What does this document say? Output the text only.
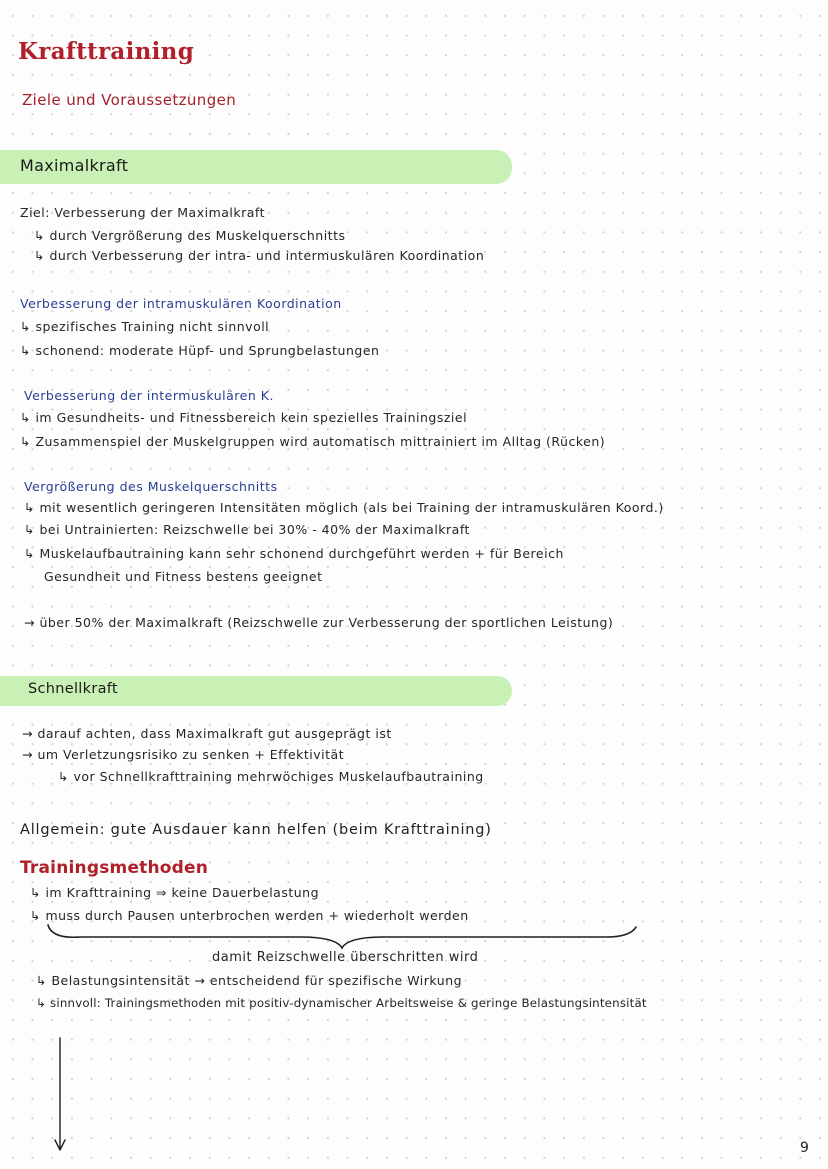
Krafttraining
Ziele und Voraussetzungen
Maximalkraft
Ziel: Verbesserung der Maximalkraft
↳ durch Vergrößerung des Muskelquerschnitts
↳ durch Verbesserung der intra- und intermuskulären Koordination
Verbesserung der intramuskulären Koordination
↳ spezifisches Training nicht sinnvoll
↳ schonend: moderate Hüpf- und Sprungbelastungen
Verbesserung der intermuskulären K.
↳ im Gesundheits- und Fitnessbereich kein spezielles Trainingsziel
↳ Zusammenspiel der Muskelgruppen wird automatisch mittrainiert im Alltag (Rücken)
Vergrößerung des Muskelquerschnitts
↳ mit wesentlich geringeren Intensitäten möglich (als bei Training der intramuskulären Koord.)
↳ bei Untrainierten: Reizschwelle bei 30% - 40% der Maximalkraft
↳ Muskelaufbautraining kann sehr schonend durchgeführt werden + für Bereich
Gesundheit und Fitness bestens geeignet
→ über 50% der Maximalkraft (Reizschwelle zur Verbesserung der sportlichen Leistung)
Schnellkraft
→ darauf achten, dass Maximalkraft gut ausgeprägt ist
→ um Verletzungsrisiko zu senken + Effektivität
↳ vor Schnellkrafttraining mehrwöchiges Muskelaufbautraining
Allgemein: gute Ausdauer kann helfen (beim Krafttraining)
Trainingsmethoden
↳ im Krafttraining ⇒ keine Dauerbelastung
↳ muss durch Pausen unterbrochen werden + wiederholt werden
damit Reizschwelle überschritten wird
↳ Belastungsintensität → entscheidend für spezifische Wirkung
↳ sinnvoll: Trainingsmethoden mit positiv-dynamischer Arbeitsweise & geringe Belastungsintensität
9
